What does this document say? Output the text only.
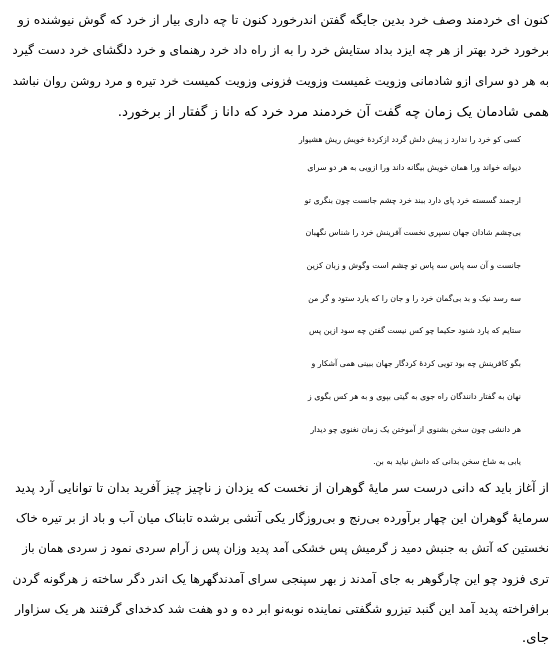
کنون ای خردمند وصف خرد بدین جایگه گفتن اندرخورد کنون تا چه داری بیار از خرد که گوش نیوشنده زو
برخورد خرد بهتر از هر چه ایزد بداد ستایش خرد را به از راه داد خرد رهنمای و خرد دلگشای خرد دست گیرد
به هر دو سرای ازو شادمانی وزویت غمیست وزویت فزونی وزویت کمیست خرد تیره و مرد روشن روان نباشد
همی شادمان یک زمان چه گفت آن خردمند مرد خرد که دانا ز گفتار از برخورد.
کسی کو خرد را ندارد ز پیش دلش گردد ازکردهٔ خویش ریش هشیوار
دیوانه خواند ورا همان خویش بیگانه داند ورا ازویی به هر دو سرای
ارجمند گسسته خرد پای دارد ببند خرد چشم جانست چون بنگری تو
بی‌چشم شادان جهان نسپری نخست آفرینش خرد را شناس نگهبان
جانست و آن سه پاس سه پاس تو چشم است وگوش و زبان کزین
سه رسد نیک و بد بی‌گمان خرد را و جان را که یارد ستود و گر من
ستایم که یارد شنود حکیما چو کس نیست گفتن چه سود ازین پس
بگو کافرینش چه بود تویی کردهٔ کردگار جهان ببینی همی آشکار و
نهان به گفتار دانندگان راه جوی به گیتی بپوی و به هر کس بگوی ز
هر دانشی چون سخن بشنوی از آموختن یک زمان نغنوی چو دیدار
یابی به شاخ سخن بدانی که دانش نیاید به بن.
از آغاز باید که دانی درست سر مایهٔ گوهران از نخست که یزدان ز ناچیز چیز آفرید بدان تا توانایی آرد پدید
سرمایهٔ گوهران این چهار برآورده بی‌رنج و بی‌روزگار یکی آتشی برشده تابناک میان آب و باد از بر تیره خاک
نخستین که آتش به جنبش دمید ز گرمیش پس خشکی آمد پدید وزان پس ز آرام سردی نمود ز سردی همان باز
تری فزود چو این چارگوهر به جای آمدند ز بهر سپنجی سرای آمدندگهرها یک اندر دگر ساخته ز هرگونه گردن
برافراخته پدید آمد این گنبد تیزرو شگفتی نماینده نوبه‌نو ابر ده و دو هفت شد کدخدای گرفتند هر یک سزاوار
جای.
